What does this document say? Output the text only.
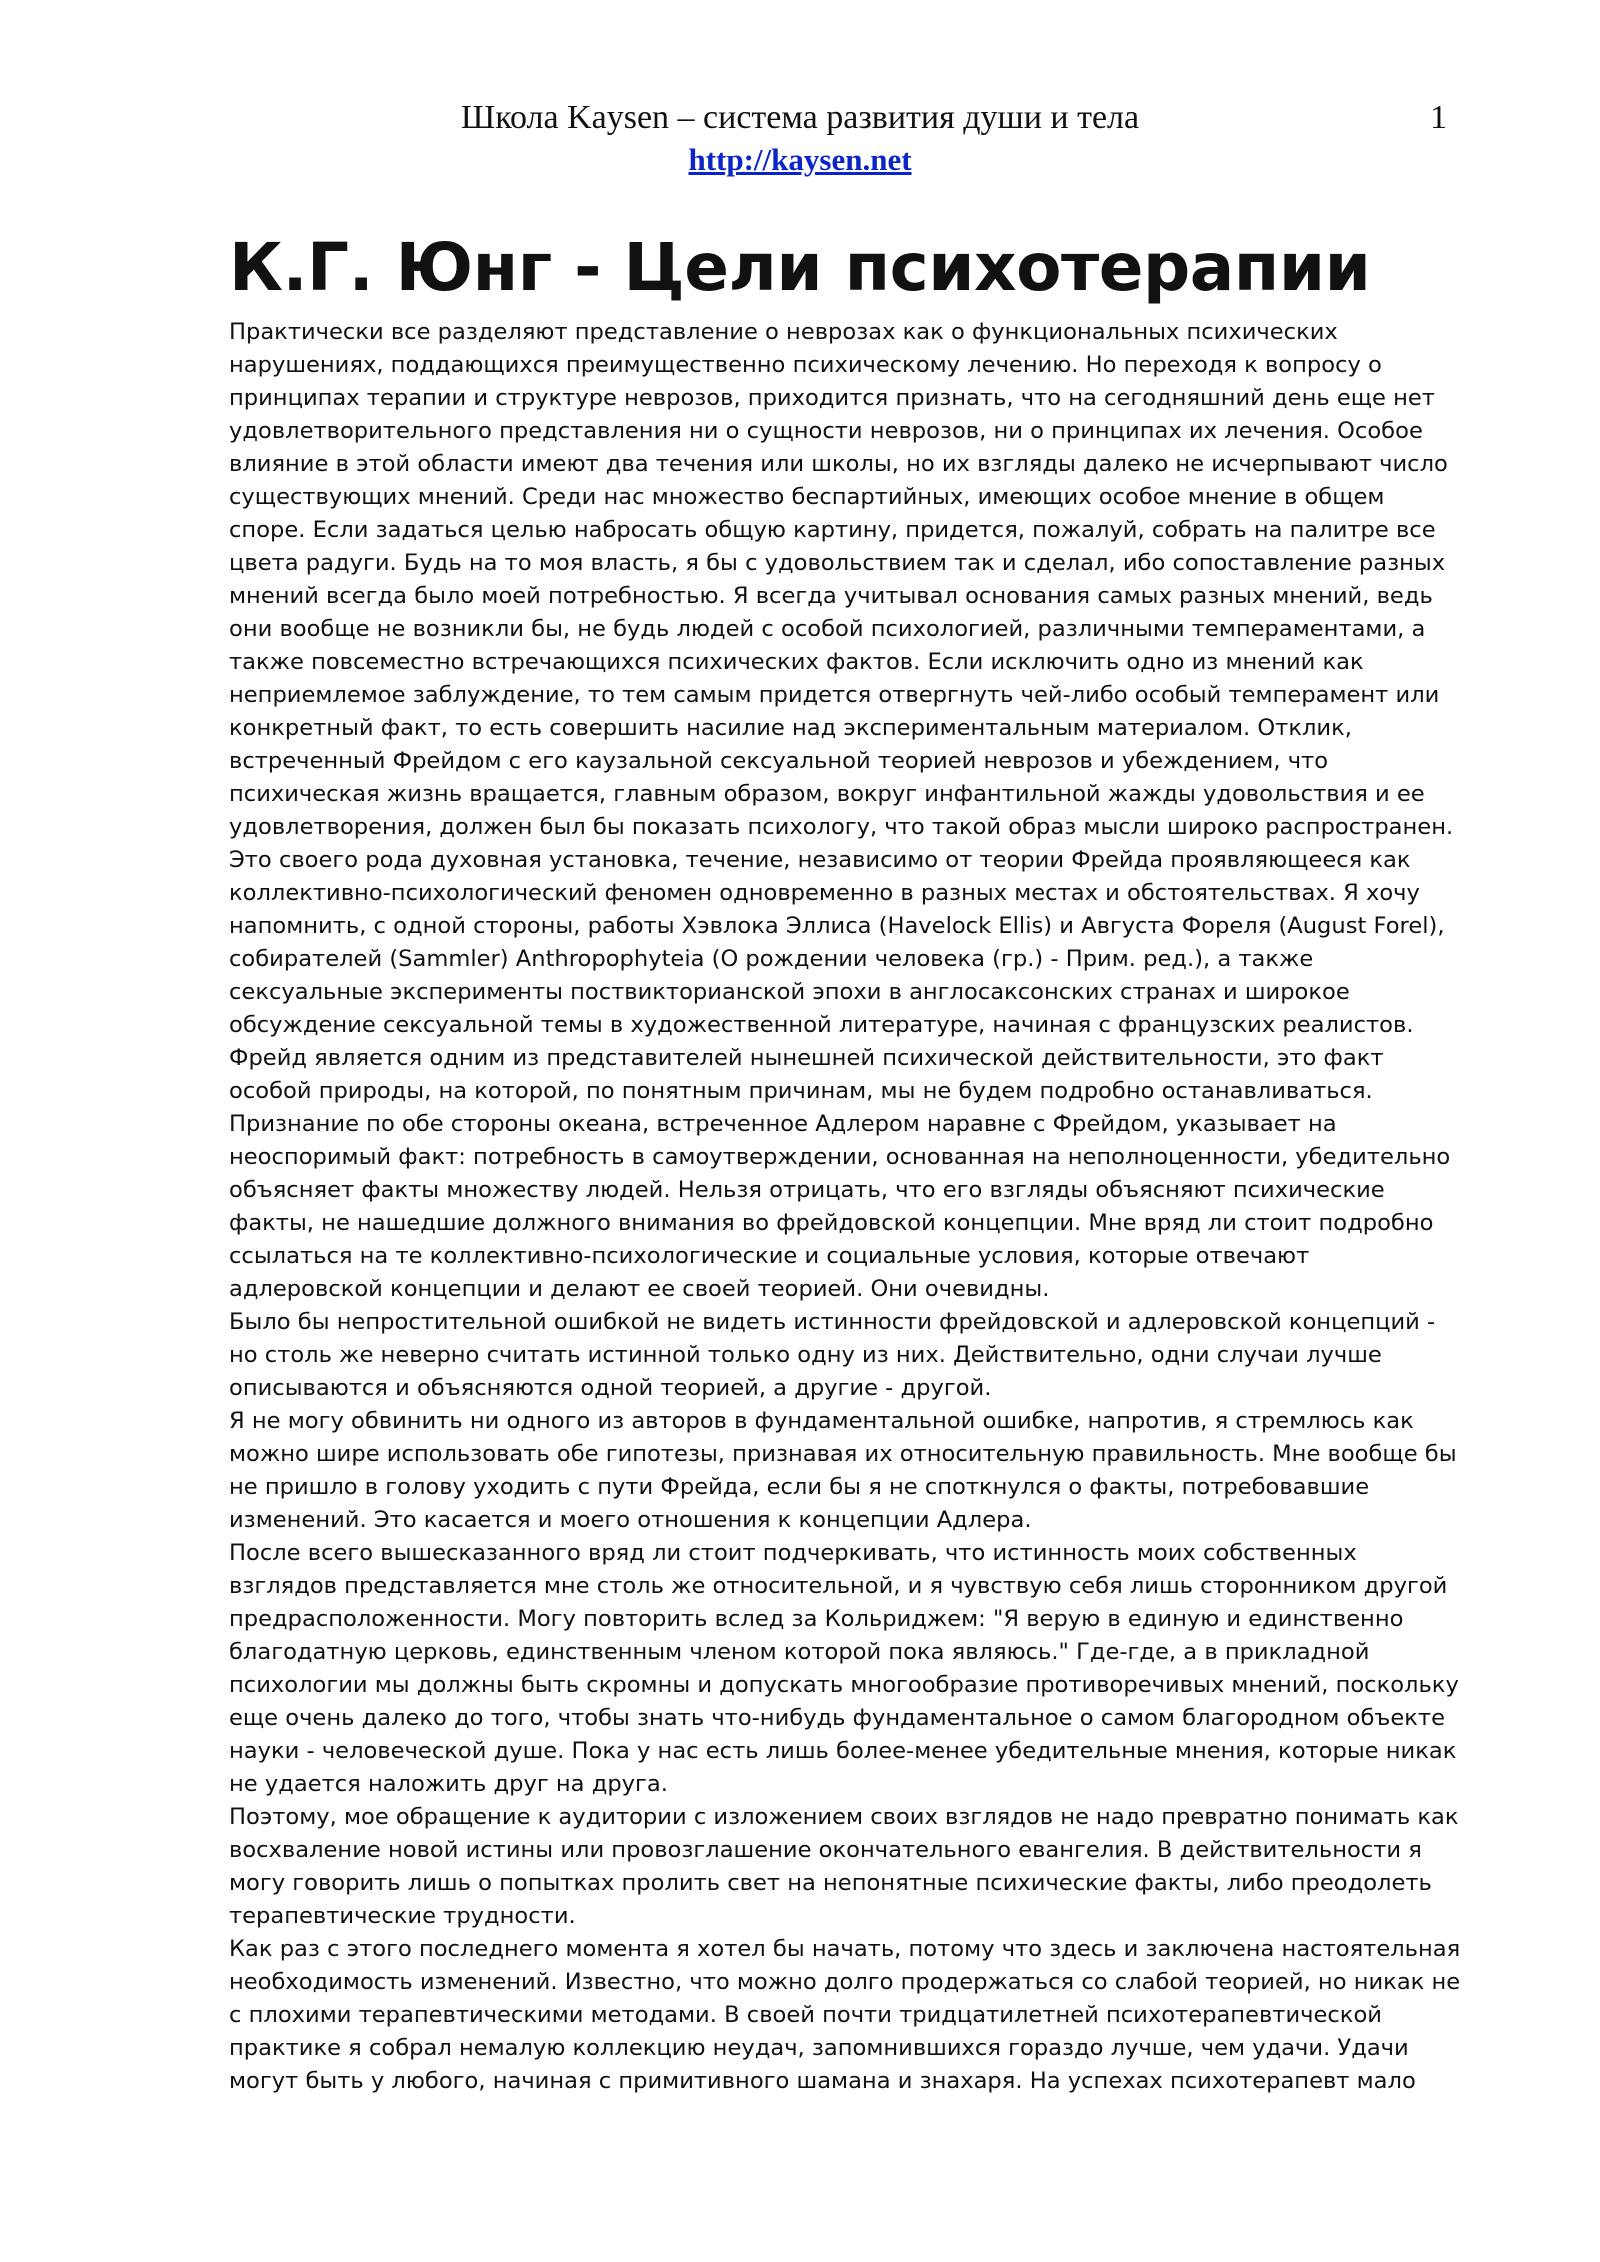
Школа Kaysen – система развития души и тела
http://kaysen.net
1
К.Г. Юнг - Цели психотерапии

Практически все разделяют представление о неврозах как о функциональных психических нарушениях, поддающихся преимущественно психическому лечению. Но переходя к вопросу о принципах терапии и структуре неврозов, приходится признать, что на сегодняшний день еще нет удовлетворительного представления ни о сущности неврозов, ни о принципах их лечения. Особое влияние в этой области имеют два течения или школы, но их взгляды далеко не исчерпывают число существующих мнений. Среди нас множество беспартийных, имеющих особое мнение в общем споре. Если задаться целью набросать общую картину, придется, пожалуй, собрать на палитре все цвета радуги. Будь на то моя власть, я бы с удовольствием так и сделал, ибо сопоставление разных мнений всегда было моей потребностью. Я всегда учитывал основания самых разных мнений, ведь они вообще не возникли бы, не будь людей с особой психологией, различными темпераментами, а также повсеместно встречающихся психических фактов. Если исключить одно из мнений как неприемлемое заблуждение, то тем самым придется отвергнуть чей-либо особый темперамент или конкретный факт, то есть совершить насилие над экспериментальным материалом. Отклик, встреченный Фрейдом с его каузальной сексуальной теорией неврозов и убеждением, что психическая жизнь вращается, главным образом, вокруг инфантильной жажды удовольствия и ее удовлетворения, должен был бы показать психологу, что такой образ мысли широко распространен. Это своего рода духовная установка, течение, независимо от теории Фрейда проявляющееся как коллективно-психологический феномен одновременно в разных местах и обстоятельствах. Я хочу напомнить, с одной стороны, работы Хэвлока Эллиса (Havelock Ellis) и Августа Фореля (August Forel), собирателей (Sammler) Anthropophyteia (О рождении человека (гр.) - Прим. ред.), а также сексуальные эксперименты поствикторианской эпохи в англосаксонских странах и широкое обсуждение сексуальной темы в художественной литературе, начиная с французских реалистов. Фрейд является одним из представителей нынешней психической действительности, это факт особой природы, на которой, по понятным причинам, мы не будем подробно останавливаться.

Признание по обе стороны океана, встреченное Адлером наравне с Фрейдом, указывает на неоспоримый факт: потребность в самоутверждении, основанная на неполноценности, убедительно объясняет факты множеству людей. Нельзя отрицать, что его взгляды объясняют психические факты, не нашедшие должного внимания во фрейдовской концепции. Мне вряд ли стоит подробно ссылаться на те коллективно-психологические и социальные условия, которые отвечают адлеровской концепции и делают ее своей теорией. Они очевидны.

Было бы непростительной ошибкой не видеть истинности фрейдовской и адлеровской концепций - но столь же неверно считать истинной только одну из них. Действительно, одни случаи лучше описываются и объясняются одной теорией, а другие - другой.

Я не могу обвинить ни одного из авторов в фундаментальной ошибке, напротив, я стремлюсь как можно шире использовать обе гипотезы, признавая их относительную правильность. Мне вообще бы не пришло в голову уходить с пути Фрейда, если бы я не споткнулся о факты, потребовавшие изменений. Это касается и моего отношения к концепции Адлера.

После всего вышесказанного вряд ли стоит подчеркивать, что истинность моих собственных взглядов представляется мне столь же относительной, и я чувствую себя лишь сторонником другой предрасположенности. Могу повторить вслед за Кольриджем: "Я верую в единую и единственно благодатную церковь, единственным членом которой пока являюсь." Где-где, а в прикладной психологии мы должны быть скромны и допускать многообразие противоречивых мнений, поскольку еще очень далеко до того, чтобы знать что-нибудь фундаментальное о самом благородном объекте науки - человеческой душе. Пока у нас есть лишь более-менее убедительные мнения, которые никак не удается наложить друг на друга.

Поэтому, мое обращение к аудитории с изложением своих взглядов не надо превратно понимать как восхваление новой истины или провозглашение окончательного евангелия. В действительности я могу говорить лишь о попытках пролить свет на непонятные психические факты, либо преодолеть терапевтические трудности.

Как раз с этого последнего момента я хотел бы начать, потому что здесь и заключена настоятельная необходимость изменений. Известно, что можно долго продержаться со слабой теорией, но никак не с плохими терапевтическими методами. В своей почти тридцатилетней психотерапевтической практике я собрал немалую коллекцию неудач, запомнившихся гораздо лучше, чем удачи. Удачи могут быть у любого, начиная с примитивного шамана и знахаря. На успехах психотерапевт мало
